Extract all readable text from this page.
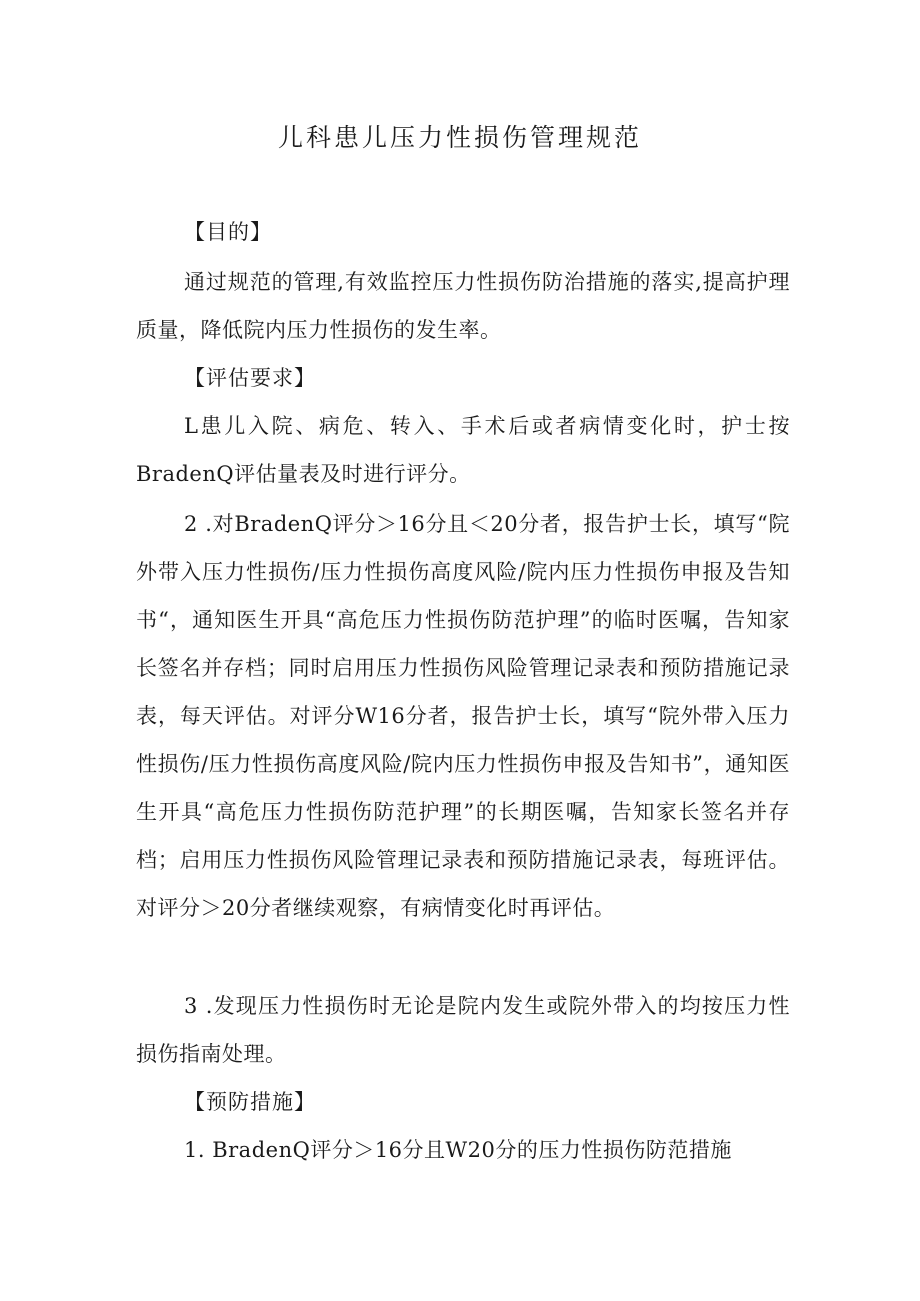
儿科患儿压力性损伤管理规范
【目的】
通过规范的管理,有效监控压力性损伤防治措施的落实,提高护理质量，降低院内压力性损伤的发生率。
【评估要求】
L患儿入院、病危、转入、手术后或者病情变化时，护士按BradenQ评估量表及时进行评分。
2 .对BradenQ评分＞16分且＜20分者，报告护士长，填写“院外带入压力性损伤/压力性损伤高度风险/院内压力性损伤申报及告知书“，通知医生开具“高危压力性损伤防范护理”的临时医嘱，告知家长签名并存档；同时启用压力性损伤风险管理记录表和预防措施记录表，每天评估。对评分W16分者，报告护士长，填写“院外带入压力性损伤/压力性损伤高度风险/院内压力性损伤申报及告知书”，通知医生开具“高危压力性损伤防范护理”的长期医嘱，告知家长签名并存档；启用压力性损伤风险管理记录表和预防措施记录表，每班评估。对评分＞20分者继续观察，有病情变化时再评估。
3 .发现压力性损伤时无论是院内发生或院外带入的均按压力性损伤指南处理。
【预防措施】
1. BradenQ评分＞16分且W20分的压力性损伤防范措施
